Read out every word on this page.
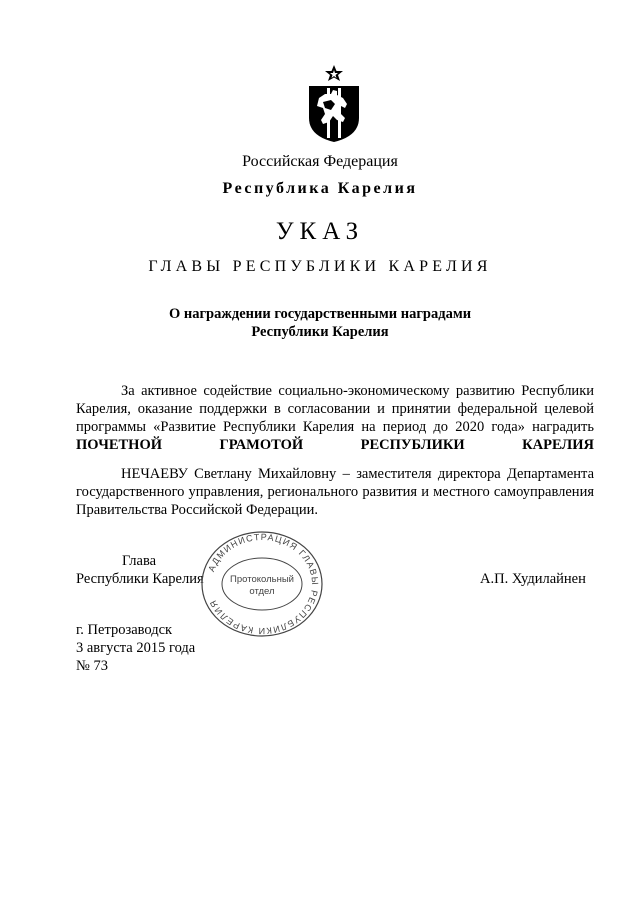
Российская Федерация
Республика Карелия
УКАЗ
ГЛАВЫ РЕСПУБЛИКИ КАРЕЛИЯ
О награждении государственными наградами
Республики Карелия
За активное содействие социально-экономическому развитию Республики Карелия, оказание поддержки в согласовании и принятии федеральной целевой программы «Развитие Республики Карелия на период до 2020 года» наградить ПОЧЕТНОЙ ГРАМОТОЙ РЕСПУБЛИКИ КАРЕЛИЯ
НЕЧАЕВУ Светлану Михайловну – заместителя директора Департамента государственного управления, регионального развития и местного самоуправления Правительства Российской Федерации.
Глава
Республики Карелия	А.П. Худилайнен
АДМИНИСТРАЦИЯ ГЛАВЫ РЕСПУБЛИКИ КАРЕЛИЯ
Протокольный
отдел
г. Петрозаводск
3 августа 2015 года
№ 73
